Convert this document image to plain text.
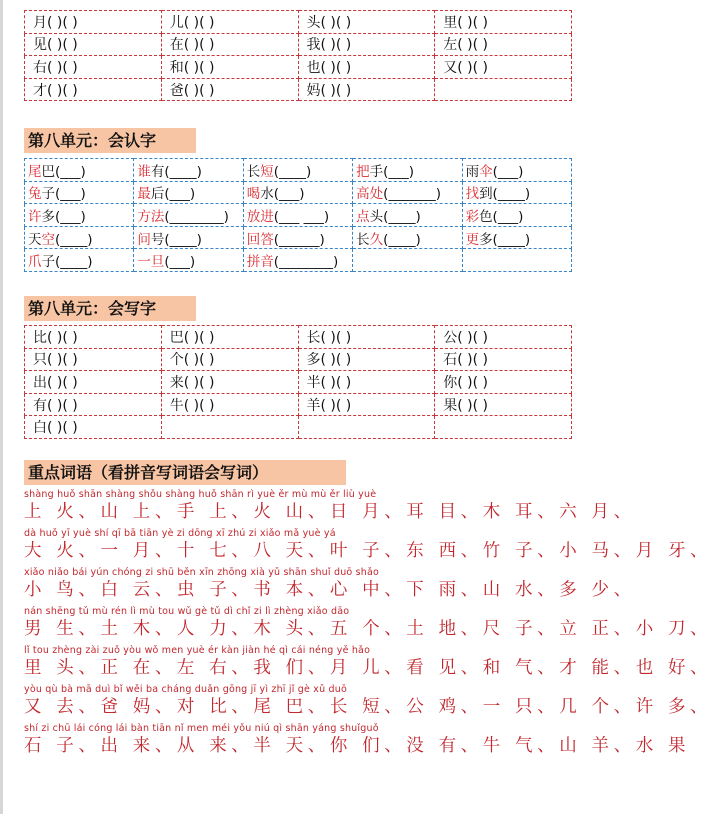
月( )( )	儿( )( )	头( )( )	里( )( )
见( )( )	在( )( )	我( )( )	左( )( )
右( )( )	和( )( )	也( )( )	又( )( )
才( )( )	爸( )( )	妈( )( )	
第八单元：会认字
尾巴(___)	谁有(____)	长短(____)	把手(___)	雨伞(___)
兔子(___)	最后(___)	喝水(___)	高处(_______)	找到(____)
许多(___)	方法(________)	放进(___ ___)	点头(____)	彩色(___)
天空(____)	问号(____)	回答(______)	长久(____)	更多(____)
爪子(____)	一旦(___)	拼音(________)		
第八单元：会写字
比( )( )	巴( )( )	长( )( )	公( )( )
只( )( )	个( )( )	多( )( )	石( )( )
出( )( )	来( )( )	半( )( )	你( )( )
有( )( )	牛( )( )	羊( )( )	果( )( )
白( )( )			
重点词语（看拼音写词语会写词）
shàng huǒ shān shàng shǒu shàng huǒ shān rì yuè ěr mù mù ěr liù yuè
上 火、山 上、手 上、火 山、日 月、耳 目、木 耳、六 月、
dà huǒ yī yuè shí qī bā tiān yè zi dōng xī zhú zi xiǎo mǎ yuè yá
大 火、一 月、十 七、八 天、叶 子、东 西、竹 子、小 马、月 牙、
xiǎo niǎo bái yún chóng zi shū běn xīn zhōng xià yǔ shān shuǐ duō shǎo
小 鸟、白 云、虫 子、书 本、心 中、下 雨、山 水、多 少、
nán shēng tǔ mù rén lì mù tou wǔ gè tǔ dì chǐ zi lì zhèng xiǎo dāo
男 生、土 木、人 力、木 头、五 个、土 地、尺 子、立 正、小 刀、
lǐ tou zhèng zài zuǒ yòu wǒ men yuè ér kàn jiàn hé qì cái néng yě hǎo
里 头、正 在、左 右、我 们、月 儿、看 见、和 气、才 能、也 好、
yòu qù bà mā duì bǐ wěi ba cháng duǎn gōng jī yì zhī jǐ gè xǔ duō
又 去、爸 妈、对 比、尾 巴、长 短、公 鸡、一 只、几 个、许 多、
shí zi chū lái cóng lái bàn tiān nǐ men méi yǒu niú qì shān yáng shuǐguǒ
石 子、出 来、从 来、半 天、你 们、没 有、牛 气、山 羊、水 果
